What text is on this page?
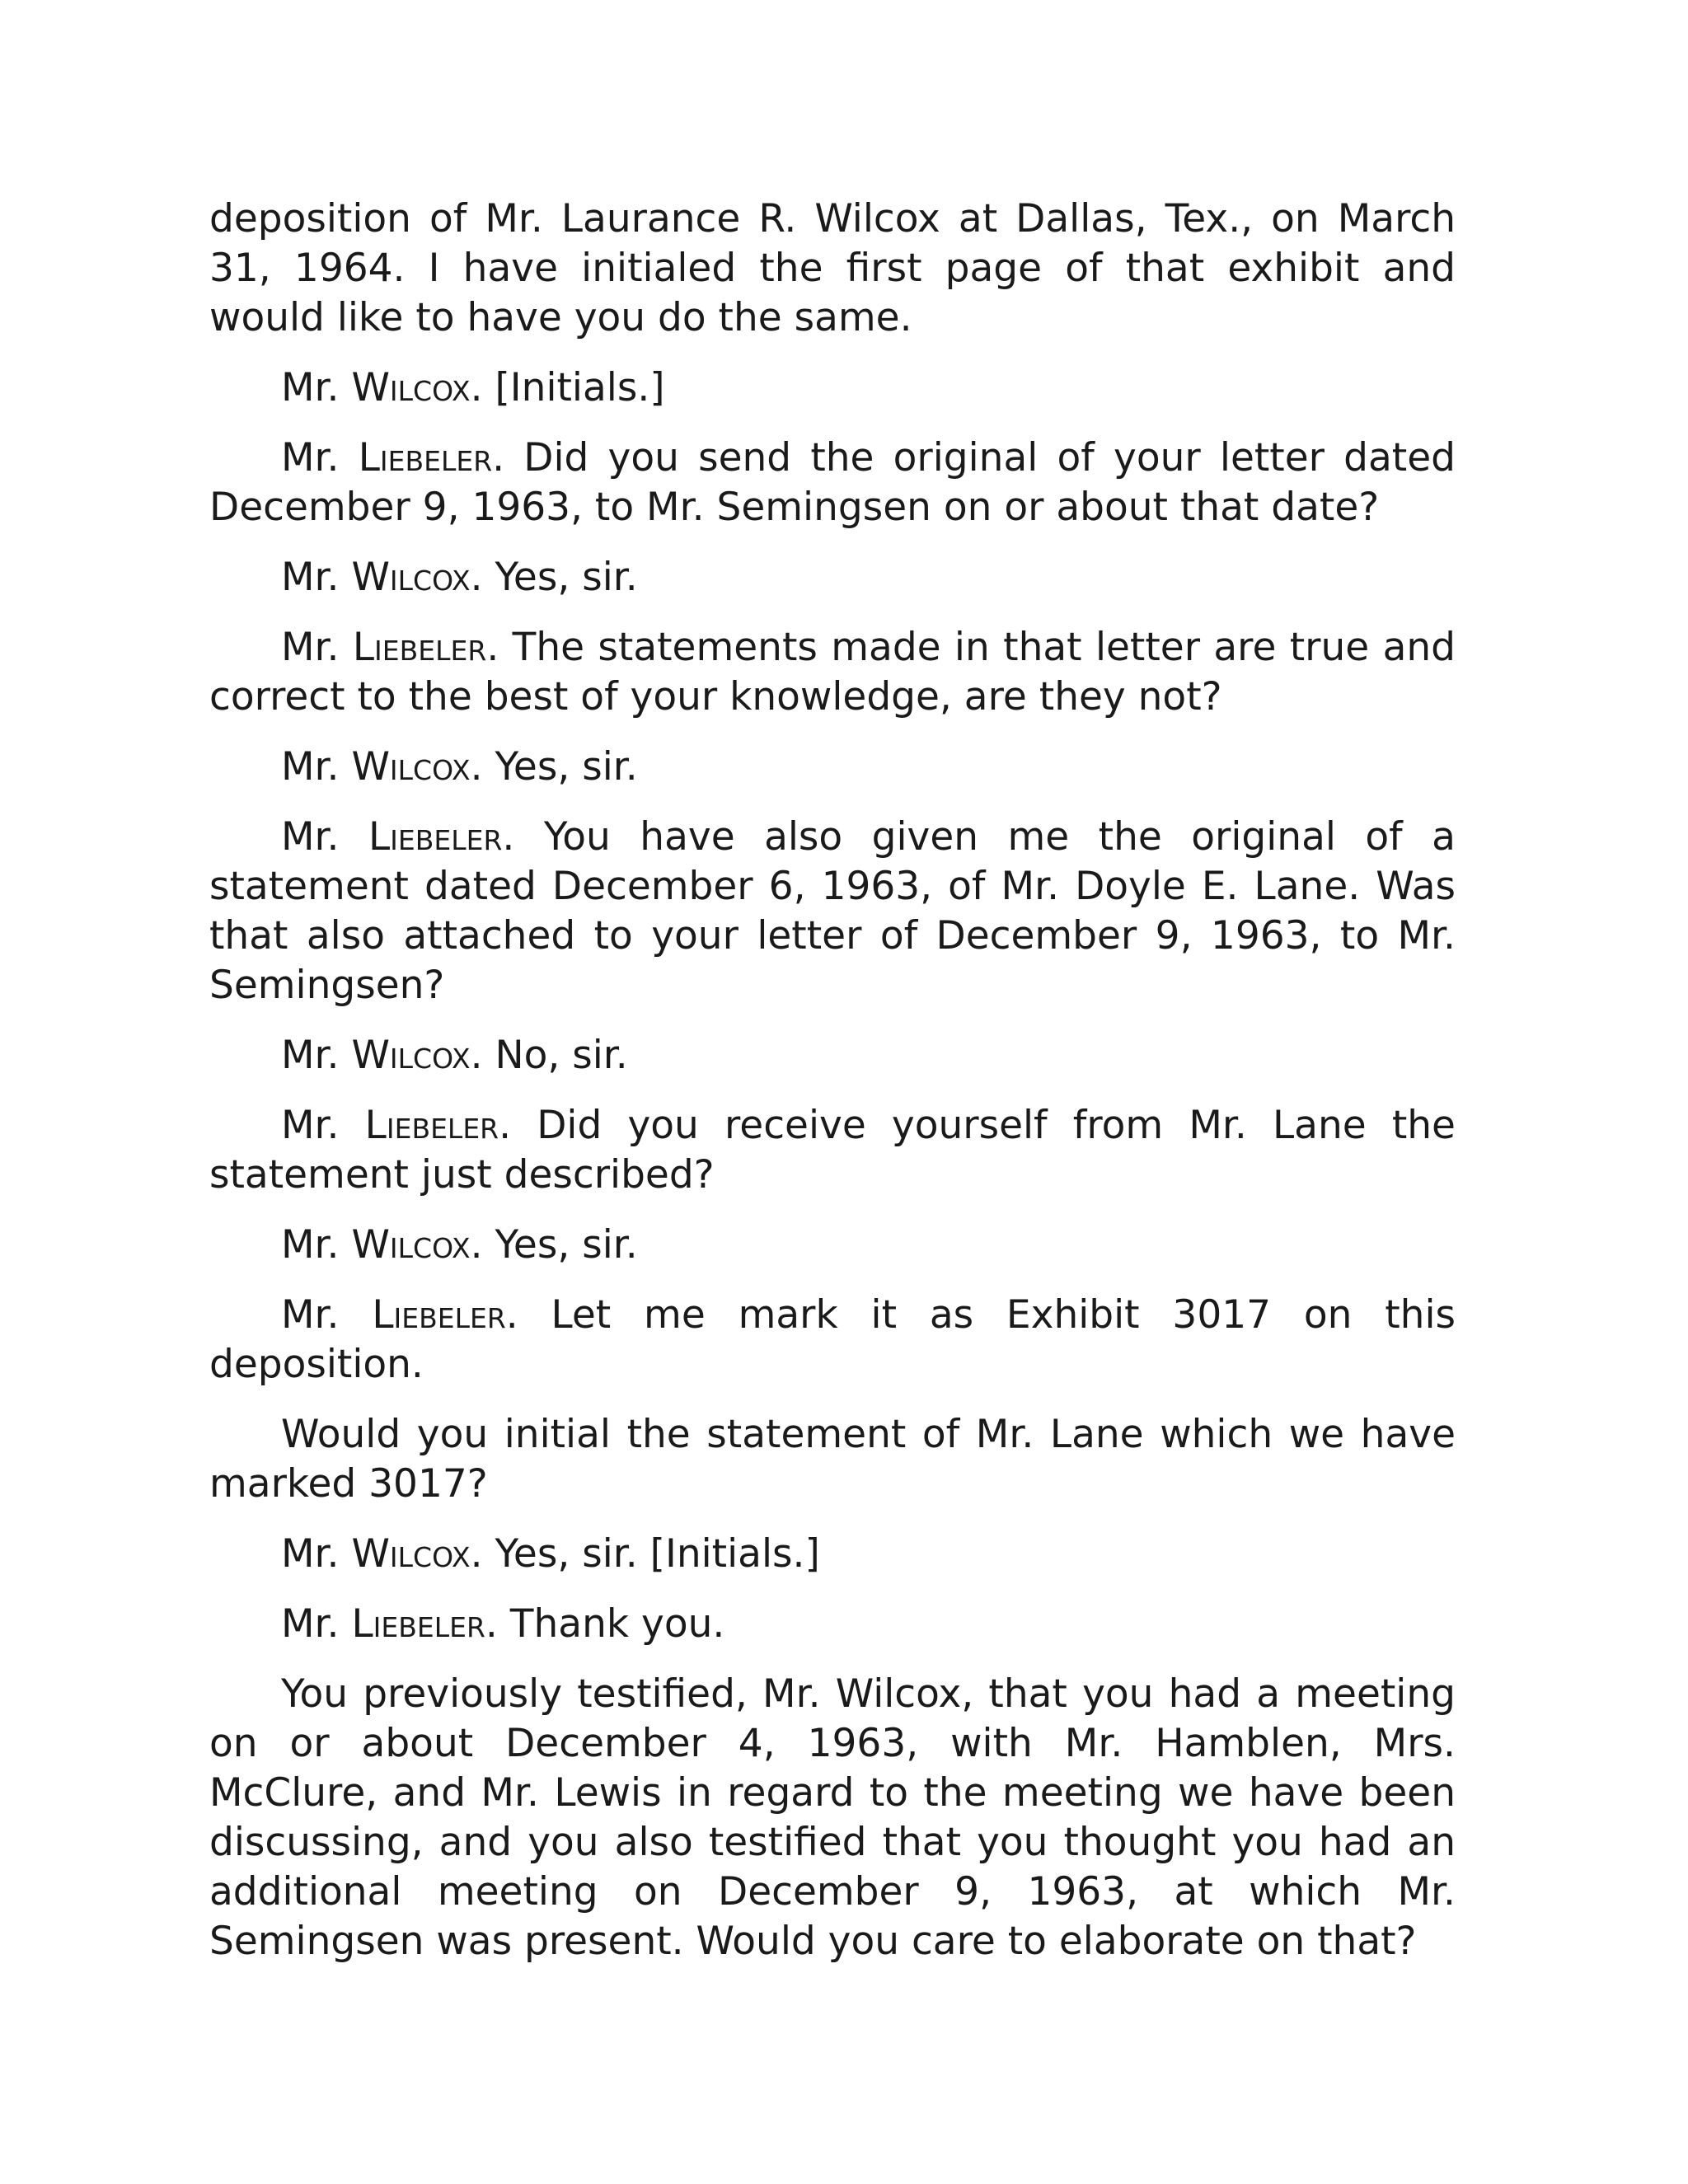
deposition of Mr. Laurance R. Wilcox at Dallas, Tex., on March 31, 1964. I have initialed the first page of that exhibit and would like to have you do the same.

Mr. Wilcox. [Initials.]

Mr. Liebeler. Did you send the original of your letter dated December 9, 1963, to Mr. Semingsen on or about that date?

Mr. Wilcox. Yes, sir.

Mr. Liebeler. The statements made in that letter are true and correct to the best of your knowledge, are they not?

Mr. Wilcox. Yes, sir.

Mr. Liebeler. You have also given me the original of a statement dated December 6, 1963, of Mr. Doyle E. Lane. Was that also attached to your letter of December 9, 1963, to Mr. Semingsen?

Mr. Wilcox. No, sir.

Mr. Liebeler. Did you receive yourself from Mr. Lane the statement just described?

Mr. Wilcox. Yes, sir.

Mr. Liebeler. Let me mark it as Exhibit 3017 on this deposition.

Would you initial the statement of Mr. Lane which we have marked 3017?

Mr. Wilcox. Yes, sir. [Initials.]

Mr. Liebeler. Thank you.

You previously testified, Mr. Wilcox, that you had a meeting on or about December 4, 1963, with Mr. Hamblen, Mrs. McClure, and Mr. Lewis in regard to the meeting we have been discussing, and you also testified that you thought you had an additional meeting on December 9, 1963, at which Mr. Semingsen was present. Would you care to elaborate on that?
